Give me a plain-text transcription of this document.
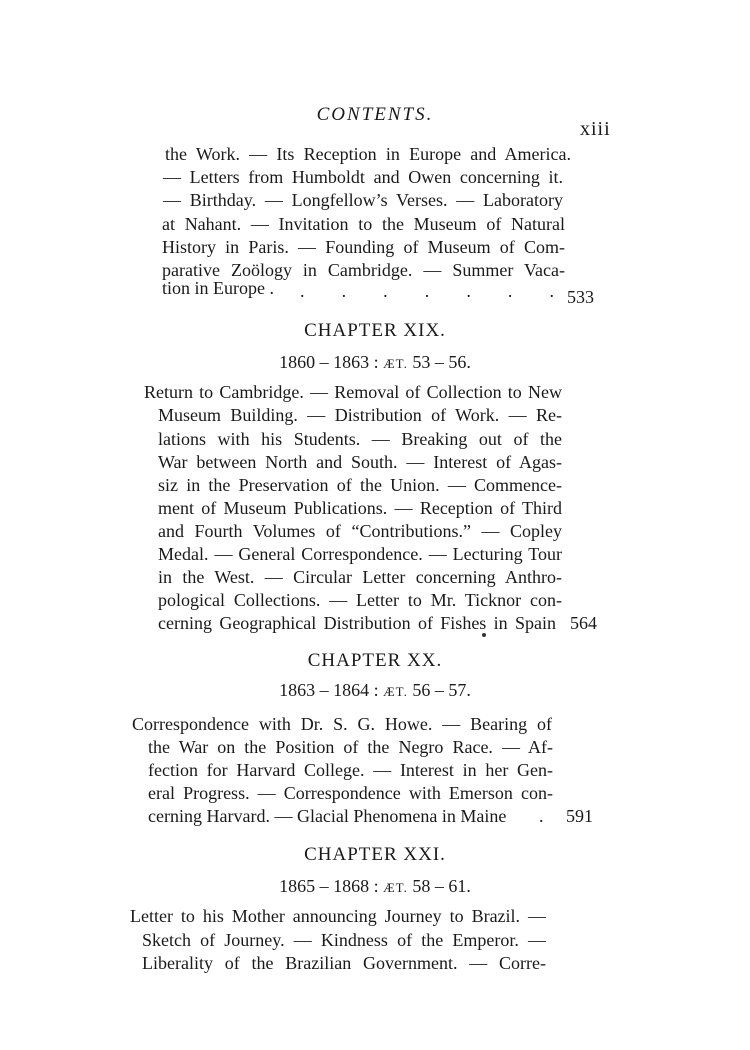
CONTENTS.
xiii
the Work. — Its Reception in Europe and America.
— Letters from Humboldt and Owen concerning it.
— Birthday. — Longfellow’s Verses. — Laboratory
at Nahant. — Invitation to the Museum of Natural
History in Paris. — Founding of Museum of Com-
parative Zoölogy in Cambridge. — Summer Vaca-
tion in Europe . . . . . . . . 533
CHAPTER XIX.
1860 – 1863 : ÆT. 53 – 56.
Return to Cambridge. — Removal of Collection to New
Museum Building. — Distribution of Work. — Re-
lations with his Students. — Breaking out of the
War between North and South. — Interest of Agas-
siz in the Preservation of the Union. — Commence-
ment of Museum Publications. — Reception of Third
and Fourth Volumes of “Contributions.” — Copley
Medal. — General Correspondence. — Lecturing Tour
in the West. — Circular Letter concerning Anthro-
pological Collections. — Letter to Mr. Ticknor con-
cerning Geographical Distribution of Fishes in Spain 564
CHAPTER XX.
1863 – 1864 : ÆT. 56 – 57.
Correspondence with Dr. S. G. Howe. — Bearing of
the War on the Position of the Negro Race. — Af-
fection for Harvard College. — Interest in her Gen-
eral Progress. — Correspondence with Emerson con-
cerning Harvard. — Glacial Phenomena in Maine . 591
CHAPTER XXI.
1865 – 1868 : ÆT. 58 – 61.
Letter to his Mother announcing Journey to Brazil. —
Sketch of Journey. — Kindness of the Emperor. —
Liberality of the Brazilian Government. — Corre-
